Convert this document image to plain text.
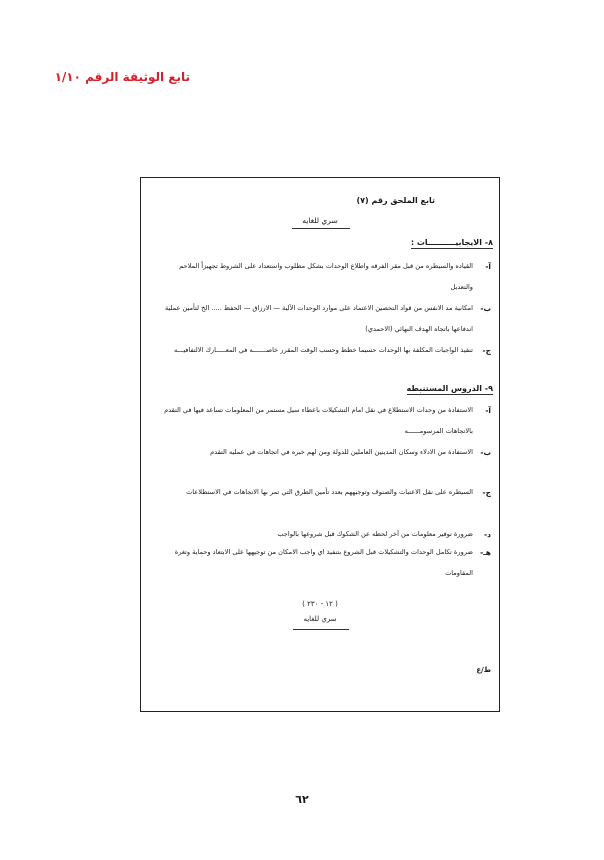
تابع الوثيقة الرقم ١/١٠
تابع الملحق رقم (٧)
سري للغايه
٨- الايجابيــــــــــات :
آ-
القياده والسيطره من قبل مقر الفرقه واطلاع الوحدات بشكل مطلوب واستعداد على الشروط تجهيزاً الملاحم والتعديل
ب-
امكانية مد الانفس من قواد التحصين الاعتماد على موارد الوحدات الآلية — الارزاق — الحفظ ..... الخ لتأمين عملية اندفاعها باتجاه الهدف النهائي (الاحمدي)
ج-
تنفيذ الواجبات المكلفة بها الوحدات حسبما خطط وحسب الوقت المقرر خاصـــــــه في المعـــــارك الالتفافيـــه
٩- الدروس المستنبطه
آ-
الاستفادة من وحدات الاستطلاع في نقل امام التشكيلات باعطاء سيل مستمر من المعلومات تساعد فيها في التقدم بالاتجاهات المرسومــــــه
ب-
الاستفادة من الادلاء وسكان المدينين العاملين للدولة ومن لهم خبره في اتجاهات في عمليه التقدم
ج-
السيطره على نقل الاعتبات والصنوف وتوجيههم بعدد تأمين الطرق التي تمر بها الاتجاهات في الاستطلاعات
د-
ضرورة توفير معلومات من آخر لحظه عن الشكوك قبل شروعها بالواجب
هـ-
ضرورة تكامل الوحدات والتشكيلات قبل الشروع بتنفيذ اي واجب الامكان من توجيهها على الابتعاد وحماية وتغرة المقاومات
( ١٢ - ٢٣٠ )
سري للغايه
ط/ع
٦٢
